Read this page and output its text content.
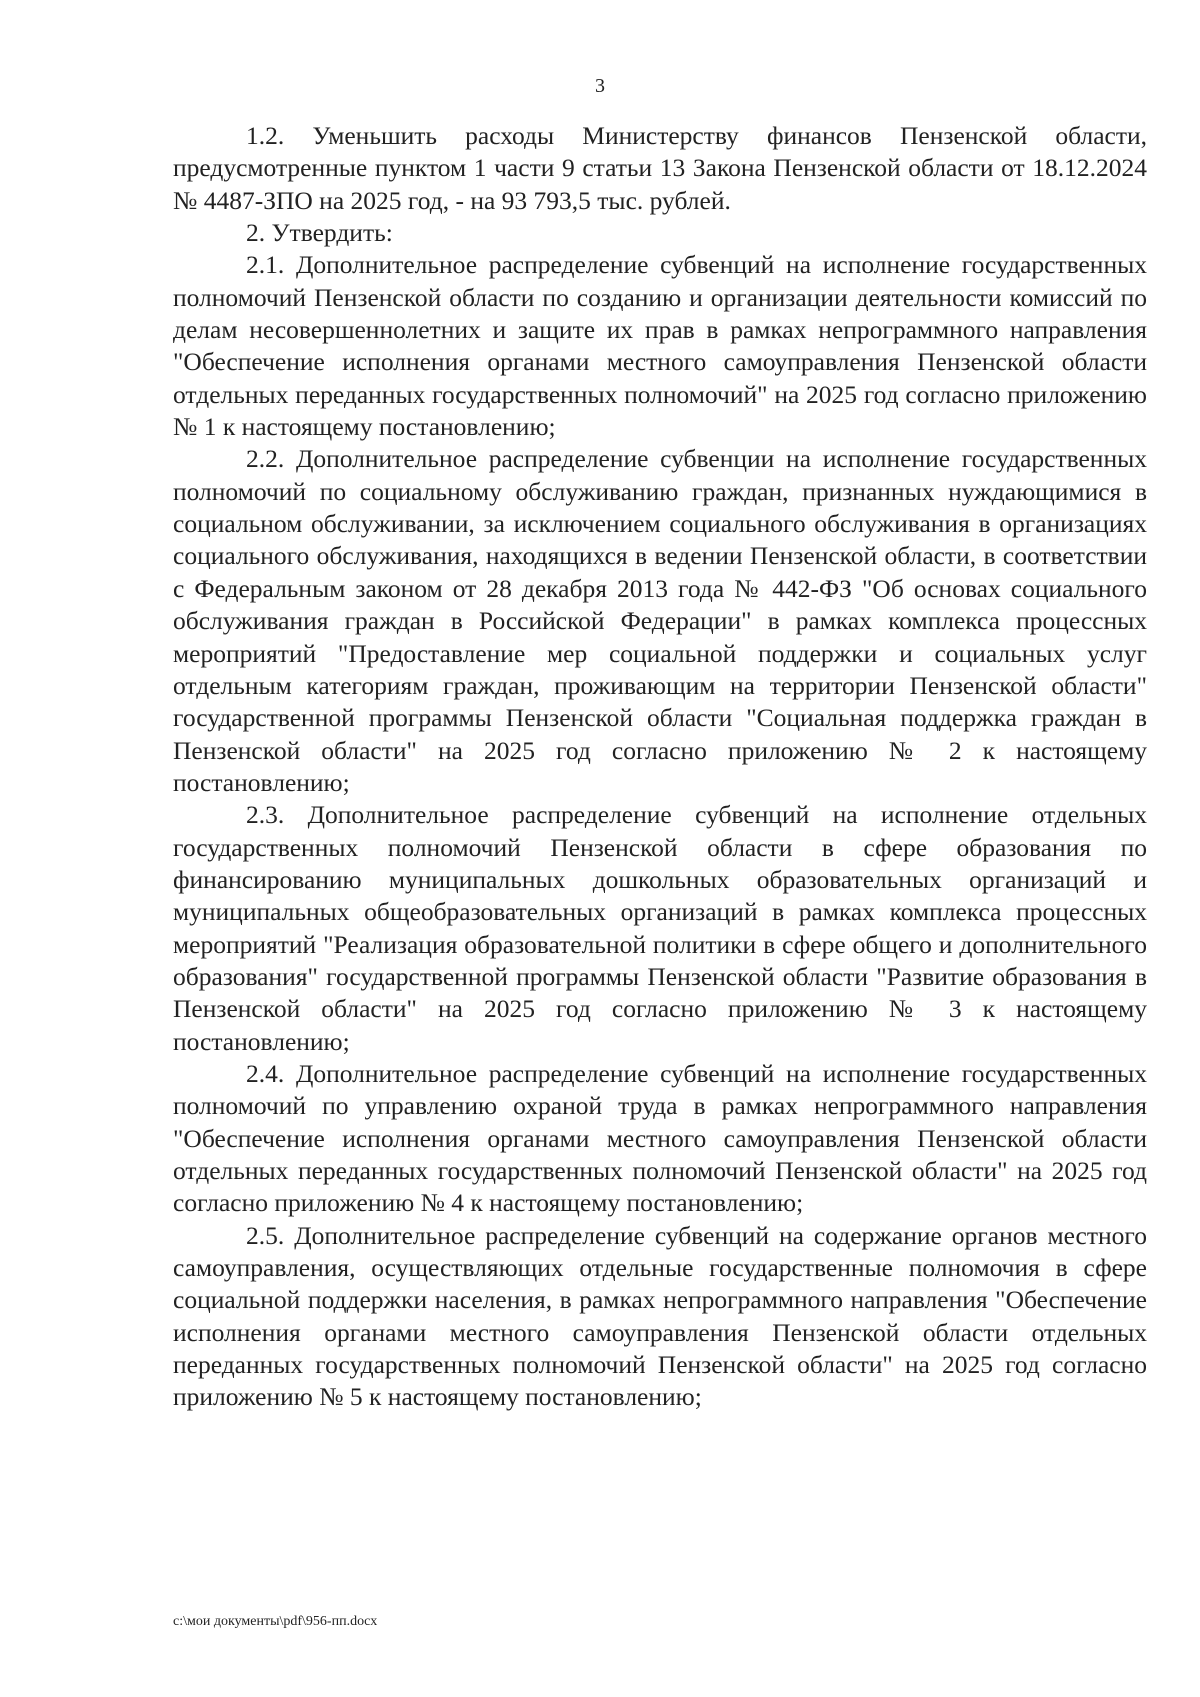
3

1.2. Уменьшить расходы Министерству финансов Пензенской области, предусмотренные пунктом 1 части 9 статьи 13 Закона Пензенской области от 18.12.2024 № 4487-ЗПО на 2025 год, - на 93 793,5 тыс. рублей.

2. Утвердить:

2.1. Дополнительное распределение субвенций на исполнение государственных полномочий Пензенской области по созданию и организации деятельности комиссий по делам несовершеннолетних и защите их прав в рамках непрограммного направления "Обеспечение исполнения органами местного самоуправления Пензенской области отдельных переданных государственных полномочий" на 2025 год согласно приложению № 1 к настоящему постановлению;

2.2. Дополнительное распределение субвенции на исполнение государственных полномочий по социальному обслуживанию граждан, признанных нуждающимися в социальном обслуживании, за исключением социального обслуживания в организациях социального обслуживания, находящихся в ведении Пензенской области, в соответствии с Федеральным законом от 28 декабря 2013 года № 442-ФЗ "Об основах социального обслуживания граждан в Российской Федерации" в рамках комплекса процессных мероприятий "Предоставление мер социальной поддержки и социальных услуг отдельным категориям граждан, проживающим на территории Пензенской области" государственной программы Пензенской области "Социальная поддержка граждан в Пензенской области" на 2025 год согласно приложению № 2 к настоящему постановлению;

2.3. Дополнительное распределение субвенций на исполнение отдельных государственных полномочий Пензенской области в сфере образования по финансированию муниципальных дошкольных образовательных организаций и муниципальных общеобразовательных организаций в рамках комплекса процессных мероприятий "Реализация образовательной политики в сфере общего и дополнительного образования" государственной программы Пензенской области "Развитие образования в Пензенской области" на 2025 год согласно приложению № 3 к настоящему постановлению;

2.4. Дополнительное распределение субвенций на исполнение государственных полномочий по управлению охраной труда в рамках непрограммного направления "Обеспечение исполнения органами местного самоуправления Пензенской области отдельных переданных государственных полномочий Пензенской области" на 2025 год согласно приложению № 4 к настоящему постановлению;

2.5. Дополнительное распределение субвенций на содержание органов местного самоуправления, осуществляющих отдельные государственные полномочия в сфере социальной поддержки населения, в рамках непрограммного направления "Обеспечение исполнения органами местного самоуправления Пензенской области отдельных переданных государственных полномочий Пензенской области" на 2025 год согласно приложению № 5 к настоящему постановлению;

c:\мои документы\pdf\956-пп.docx
